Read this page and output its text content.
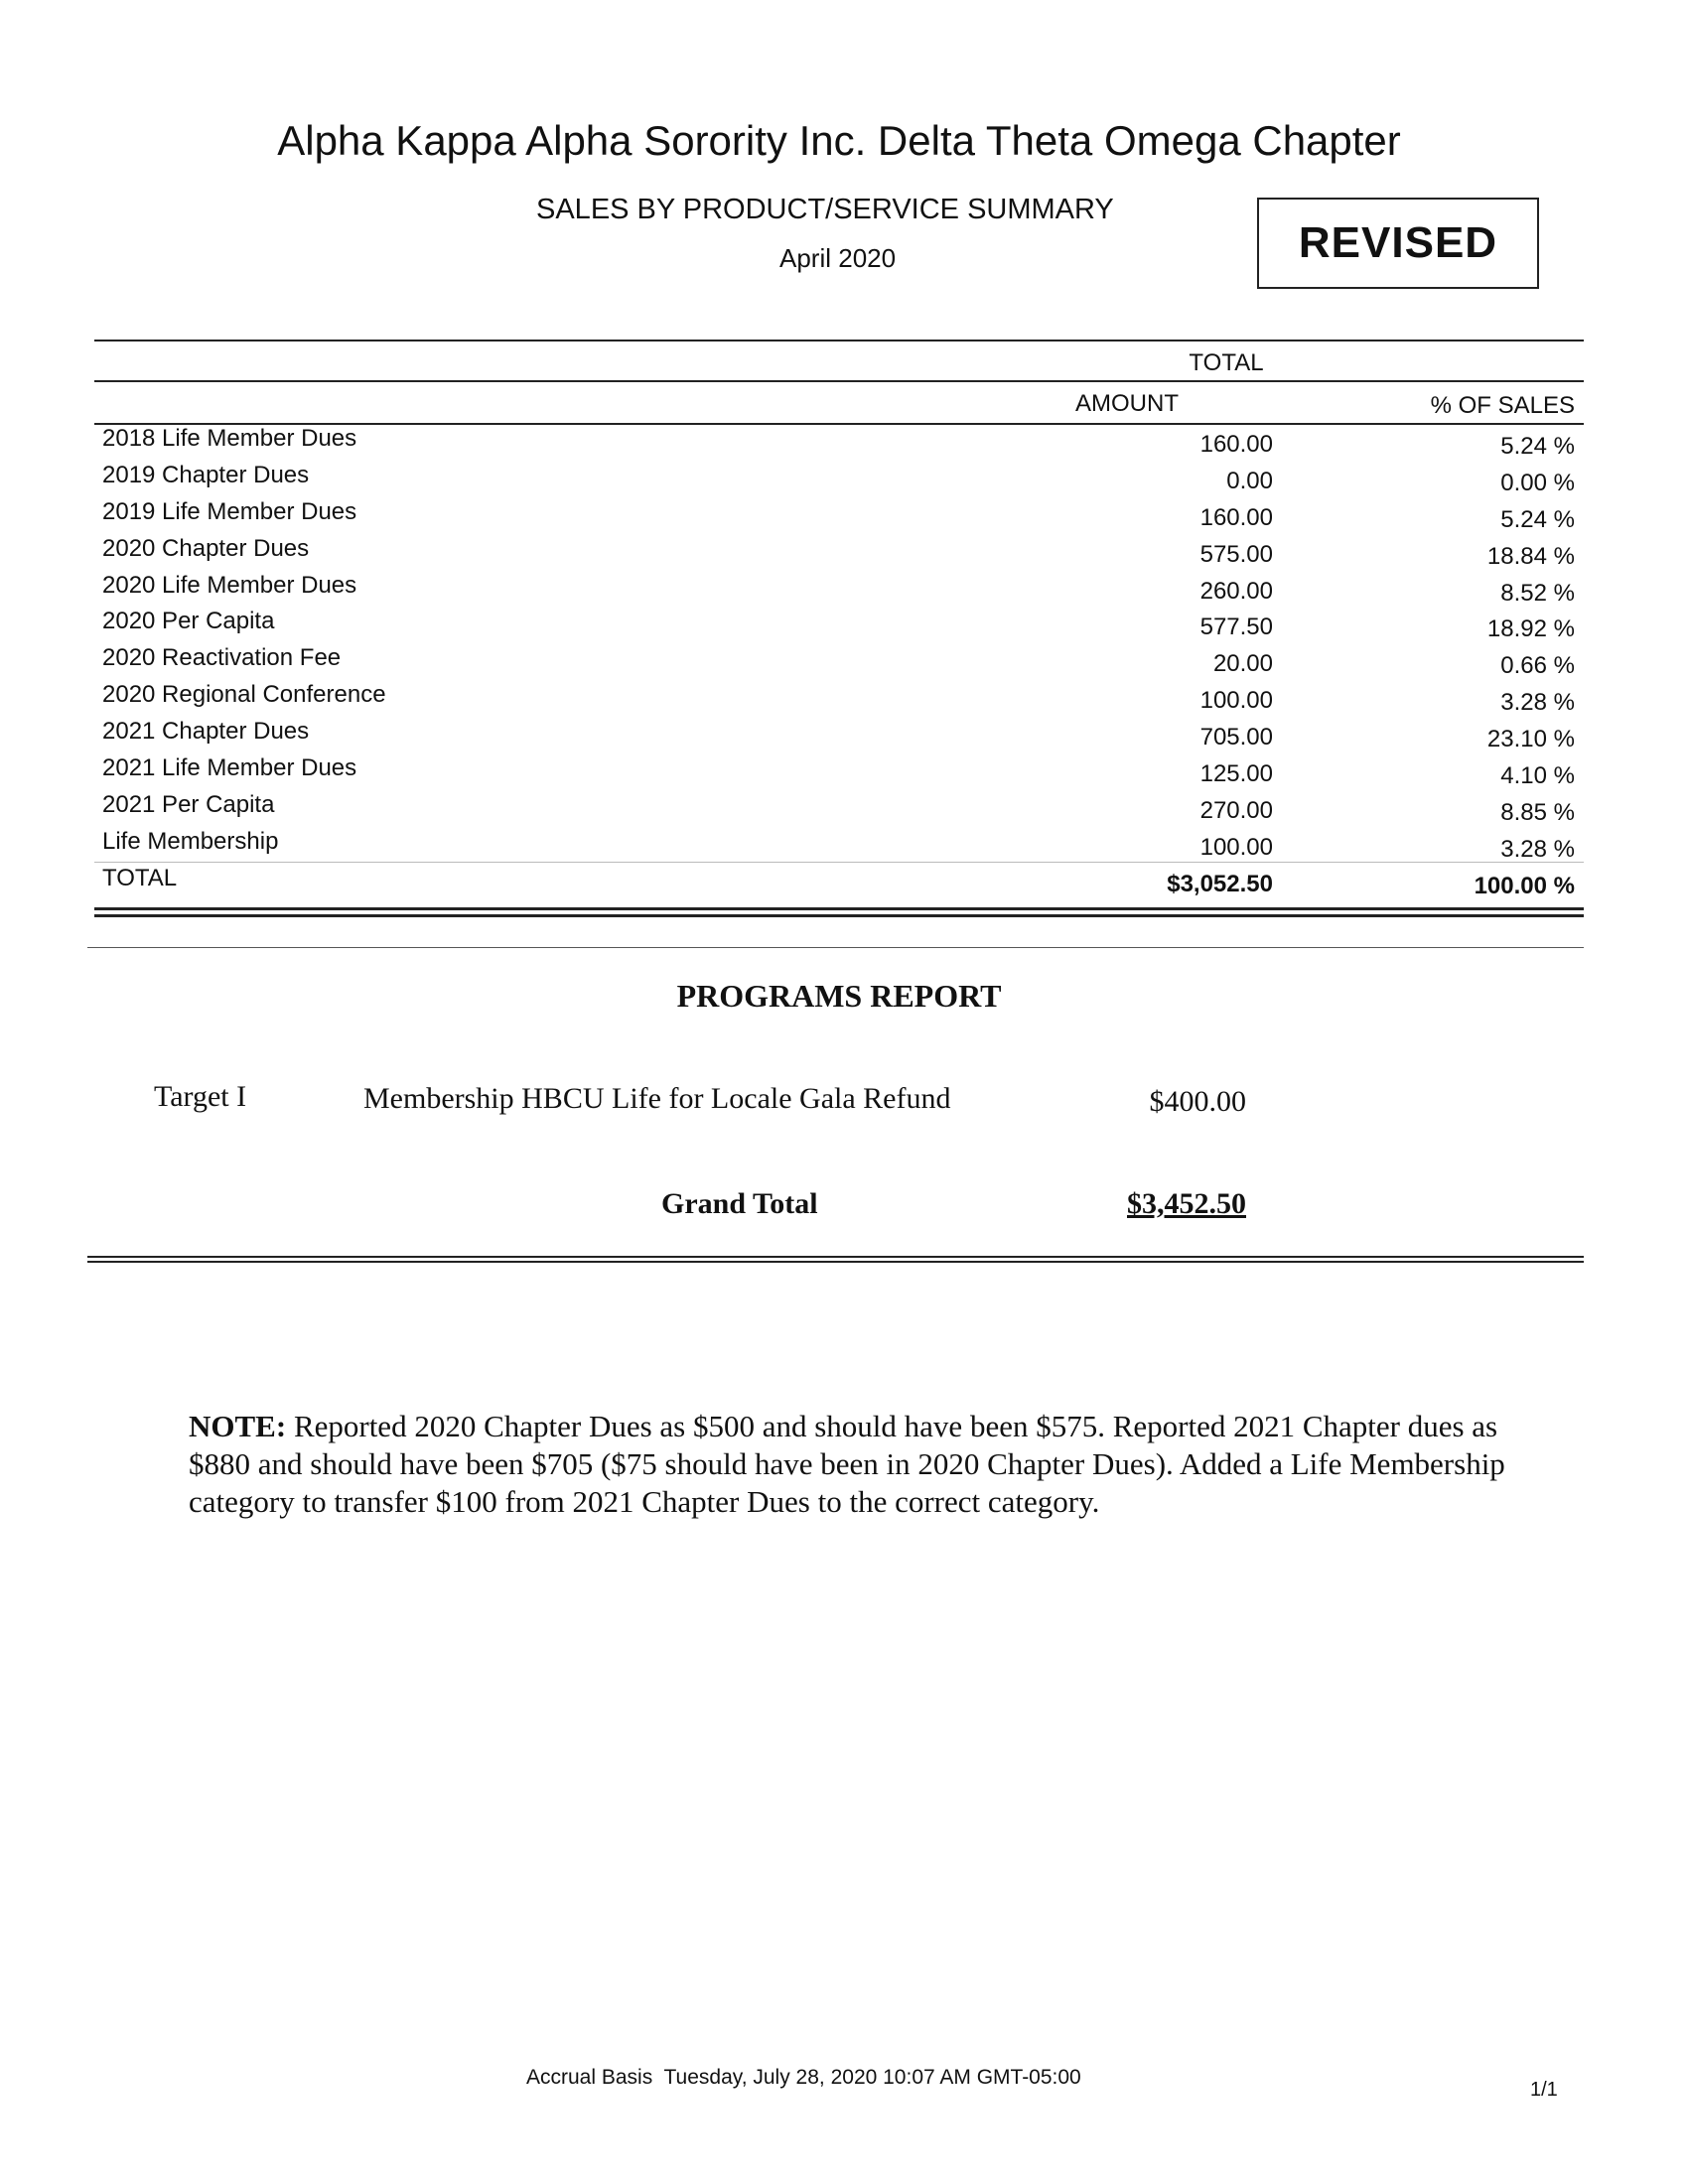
Alpha Kappa Alpha Sorority Inc. Delta Theta Omega Chapter
SALES BY PRODUCT/SERVICE SUMMARY
April 2020	REVISED
TOTAL
AMOUNT	% OF SALES
2018 Life Member Dues	160.00	5.24 %
2019 Chapter Dues	0.00	0.00 %
2019 Life Member Dues	160.00	5.24 %
2020 Chapter Dues	575.00	18.84 %
2020 Life Member Dues	260.00	8.52 %
2020 Per Capita	577.50	18.92 %
2020 Reactivation Fee	20.00	0.66 %
2020 Regional Conference	100.00	3.28 %
2021 Chapter Dues	705.00	23.10 %
2021 Life Member Dues	125.00	4.10 %
2021 Per Capita	270.00	8.85 %
Life Membership	100.00	3.28 %
TOTAL	$3,052.50	100.00 %
PROGRAMS REPORT
Target I	Membership HBCU Life for Locale Gala Refund	$400.00
Grand Total	$3,452.50
NOTE: Reported 2020 Chapter Dues as $500 and should have been $575. Reported 2021 Chapter dues as $880 and should have been $705 ($75 should have been in 2020 Chapter Dues). Added a Life Membership category to transfer $100 from 2021 Chapter Dues to the correct category.
Accrual Basis  Tuesday, July 28, 2020 10:07 AM GMT-05:00
1/1
